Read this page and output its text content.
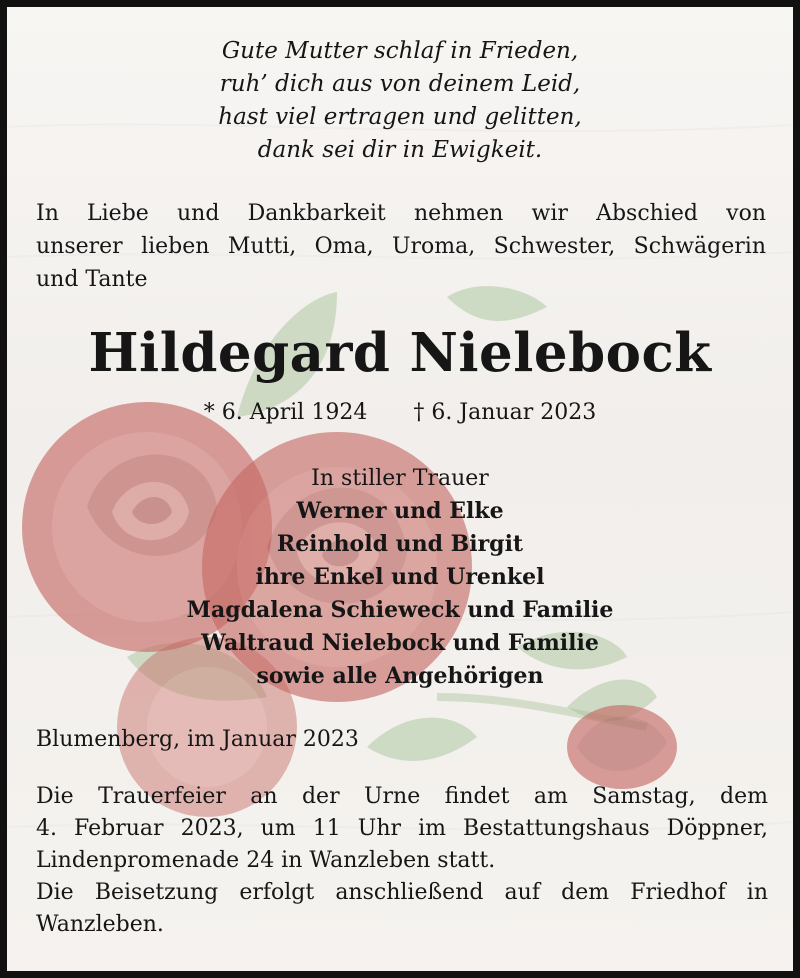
Gute Mutter schlaf in Frieden,
ruh’ dich aus von deinem Leid,
hast viel ertragen und gelitten,
dank sei dir in Ewigkeit.
In Liebe und Dankbarkeit nehmen wir Abschied von
unserer lieben Mutti, Oma, Uroma, Schwester, Schwägerin
und Tante
Hildegard Nielebock
* 6. April 1924 † 6. Januar 2023
In stiller Trauer
Werner und Elke
Reinhold und Birgit
ihre Enkel und Urenkel
Magdalena Schieweck und Familie
Waltraud Nielebock und Familie
sowie alle Angehörigen
Blumenberg, im Januar 2023
Die Trauerfeier an der Urne findet am Samstag, dem
4. Februar 2023, um 11 Uhr im Bestattungshaus Döppner,
Lindenpromenade 24 in Wanzleben statt.
Die Beisetzung erfolgt anschließend auf dem Friedhof in
Wanzleben.
